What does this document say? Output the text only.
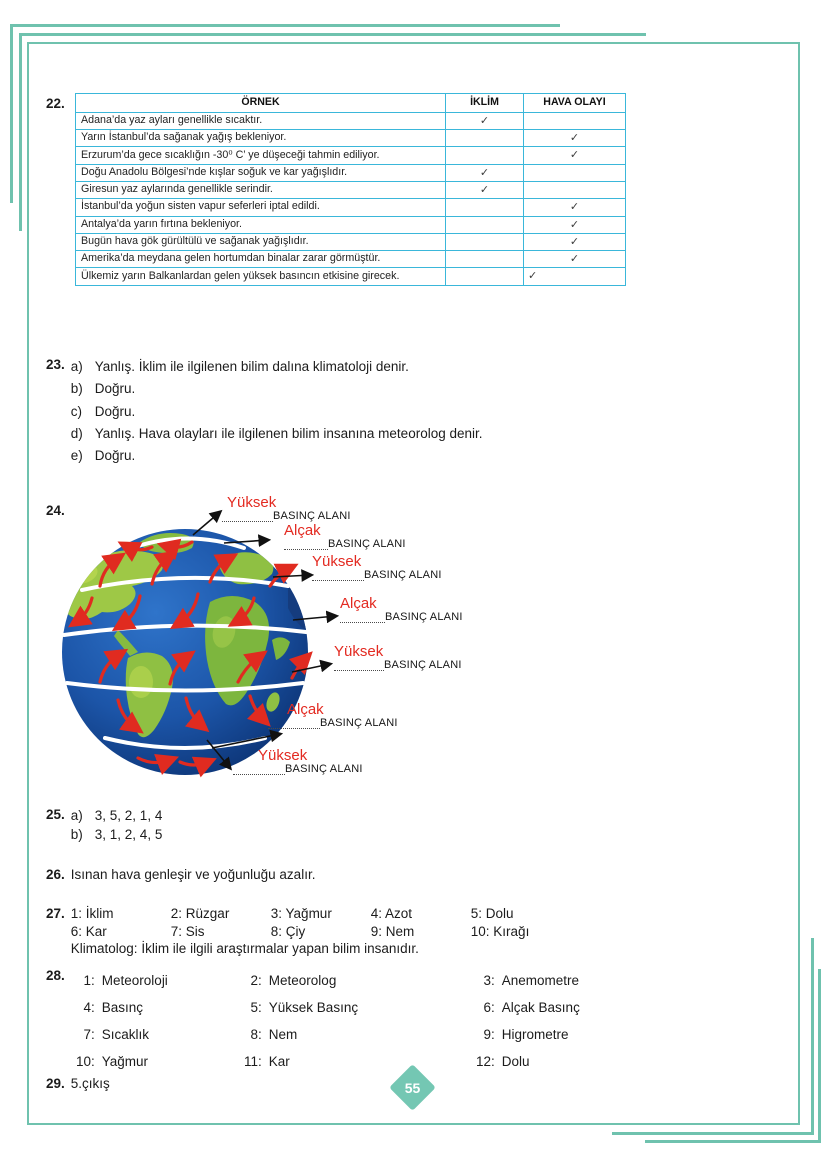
22.	ÖRNEK	İKLİM	HAVA OLAYI
Adana’da yaz ayları genellikle sıcaktır.	✓	
Yarın İstanbul’da sağanak yağış bekleniyor.		✓
Erzurum’da gece sıcaklığın -30⁰ C’ ye düşeceği tahmin ediliyor.		✓
Doğu Anadolu Bölgesi’nde kışlar soğuk ve kar yağışlıdır.	✓	
Giresun yaz aylarında genellikle serindir.	✓	
İstanbul’da yoğun sisten vapur seferleri iptal edildi.		✓
Antalya’da yarın fırtına bekleniyor.		✓
Bugün hava gök gürültülü ve sağanak yağışlıdır.		✓
Amerika’da meydana gelen hortumdan binalar zarar görmüştür.		✓
Ülkemiz yarın Balkanlardan gelen yüksek basıncın etkisine girecek.		✓
23. a) Yanlış. İklim ile ilgilenen bilim dalına klimatoloji denir.
b) Doğru.
c) Doğru.
d) Yanlış. Hava olayları ile ilgilenen bilim insanına meteorolog denir.
e) Doğru.
24.	Yüksek
BASINÇ ALANI
Alçak
BASINÇ ALANI
Yüksek
BASINÇ ALANI
Alçak
BASINÇ ALANI
Yüksek
BASINÇ ALANI
Alçak
BASINÇ ALANI
Yüksek
BASINÇ ALANI
25. a) 3, 5, 2, 1, 4
b) 3, 1, 2, 4, 5
26. Isınan hava genleşir ve yoğunluğu azalır.
27. 1: İklim	2: Rüzgar	3: Yağmur	4: Azot	5: Dolu
6: Kar	7: Sis	8: Çiy	9: Nem	10: Kırağı
Klimatolog: İklim ile ilgili araştırmalar yapan bilim insanıdır.
28.	1: Meteoroloji	2: Meteorolog	3: Anemometre
4: Basınç	5: Yüksek Basınç	6: Alçak Basınç
7: Sıcaklık	8: Nem	9: Higrometre
10: Yağmur	11: Kar	12: Dolu
29. 5.çıkış	55
